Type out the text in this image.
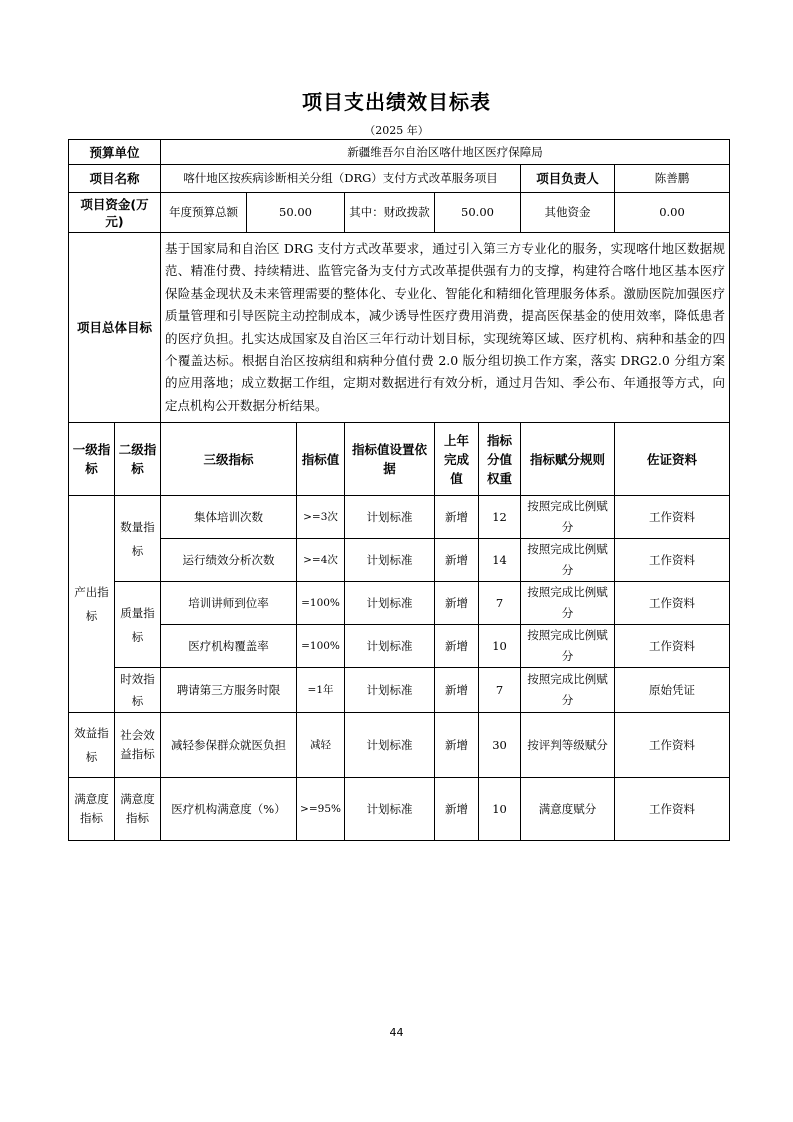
项目支出绩效目标表
（2025 年）
预算单位		新疆维吾尔自治区喀什地区医疗保障局							
项目名称		喀什地区按疾病诊断相关分组（DRG）支付方式改革服务项目						项目负责人	陈善鹏
项目资金(万元)		年度预算总额	50.00		其中：财政拨款	50.00		其他资金	0.00
项目总体目标		基于国家局和自治区 DRG 支付方式改革要求，通过引入第三方专业化的服务，实现喀什地区数据规范、精准付费、持续精进、监管完备为支付方式改革提供强有力的支撑，构建符合喀什地区基本医疗保险基金现状及未来管理需要的整体化、专业化、智能化和精细化管理服务体系。激励医院加强医疗质量管理和引导医院主动控制成本，减少诱导性医疗费用消费，提高医保基金的使用效率，降低患者的医疗负担。扎实达成国家及自治区三年行动计划目标，实现统筹区域、医疗机构、病种和基金的四个覆盖达标。根据自治区按病组和病种分值付费 2.0 版分组切换工作方案，落实 DRG2.0 分组方案的应用落地；成立数据工作组，定期对数据进行有效分析，通过月告知、季公布、年通报等方式，向定点机构公开数据分析结果。							
一级指标	二级指标	三级指标		指标值	指标值设置依据	上年完成值	指标分值权重	指标赋分规则	佐证资料
产出指标	数量指标	集体培训次数		>=3次	计划标准	新增	12	按照完成比例赋分	工作资料
		运行绩效分析次数		>=4次	计划标准	新增	14	按照完成比例赋分	工作资料
	质量指标	培训讲师到位率		=100%	计划标准	新增	7	按照完成比例赋分	工作资料
		医疗机构覆盖率		=100%	计划标准	新增	10	按照完成比例赋分	工作资料
	时效指标	聘请第三方服务时限		=1年	计划标准	新增	7	按照完成比例赋分	原始凭证
效益指标	社会效益指标	减轻参保群众就医负担		减轻	计划标准	新增	30	按评判等级赋分	工作资料
满意度指标	满意度指标	医疗机构满意度（%）		>=95%	计划标准	新增	10	满意度赋分	工作资料
44
